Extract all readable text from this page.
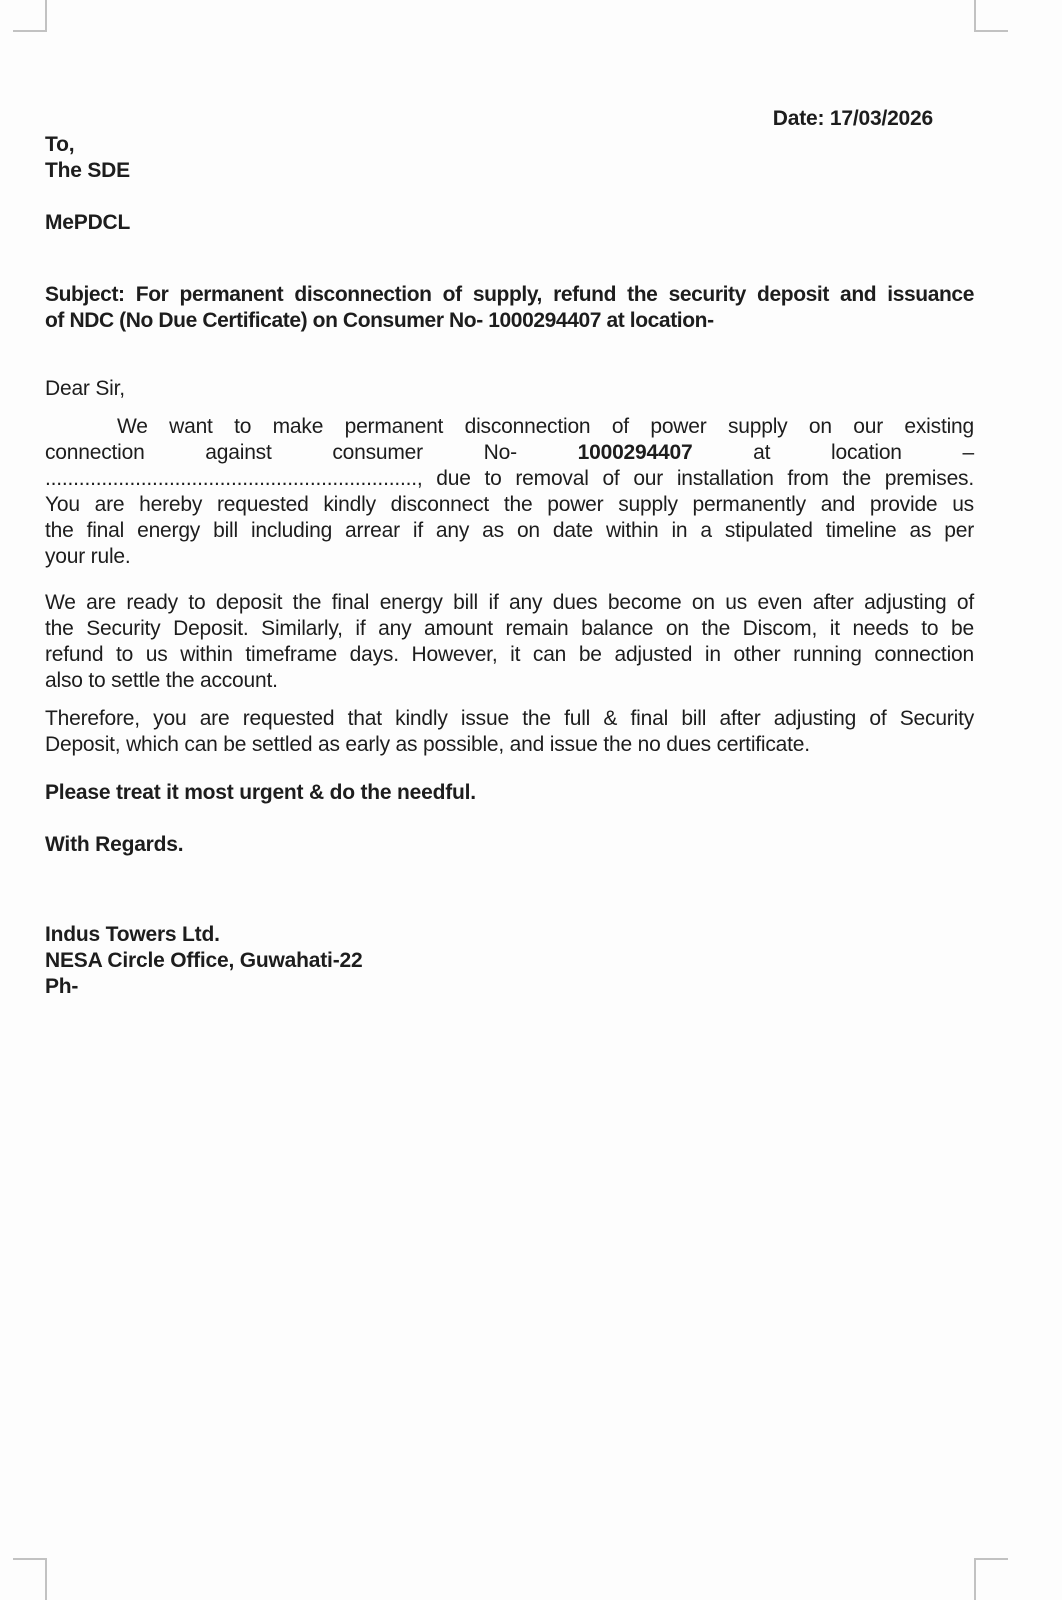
Date: 17/03/2026
To,
The SDE
MePDCL
Subject: For permanent disconnection of supply, refund the security deposit and issuance
of NDC (No Due Certificate) on Consumer No- 1000294407 at location-
Dear Sir,
We want to make permanent disconnection of power supply on our existing
connection against consumer No- 1000294407 at location –
.................................................................., due to removal of our installation from the premises.
You are hereby requested kindly disconnect the power supply permanently and provide us
the final energy bill including arrear if any as on date within in a stipulated timeline as per
your rule.
We are ready to deposit the final energy bill if any dues become on us even after adjusting of
the Security Deposit. Similarly, if any amount remain balance on the Discom, it needs to be
refund to us within timeframe days. However, it can be adjusted in other running connection
also to settle the account.
Therefore, you are requested that kindly issue the full & final bill after adjusting of Security
Deposit, which can be settled as early as possible, and issue the no dues certificate.
Please treat it most urgent & do the needful.
With Regards.
Indus Towers Ltd.
NESA Circle Office, Guwahati-22
Ph-
